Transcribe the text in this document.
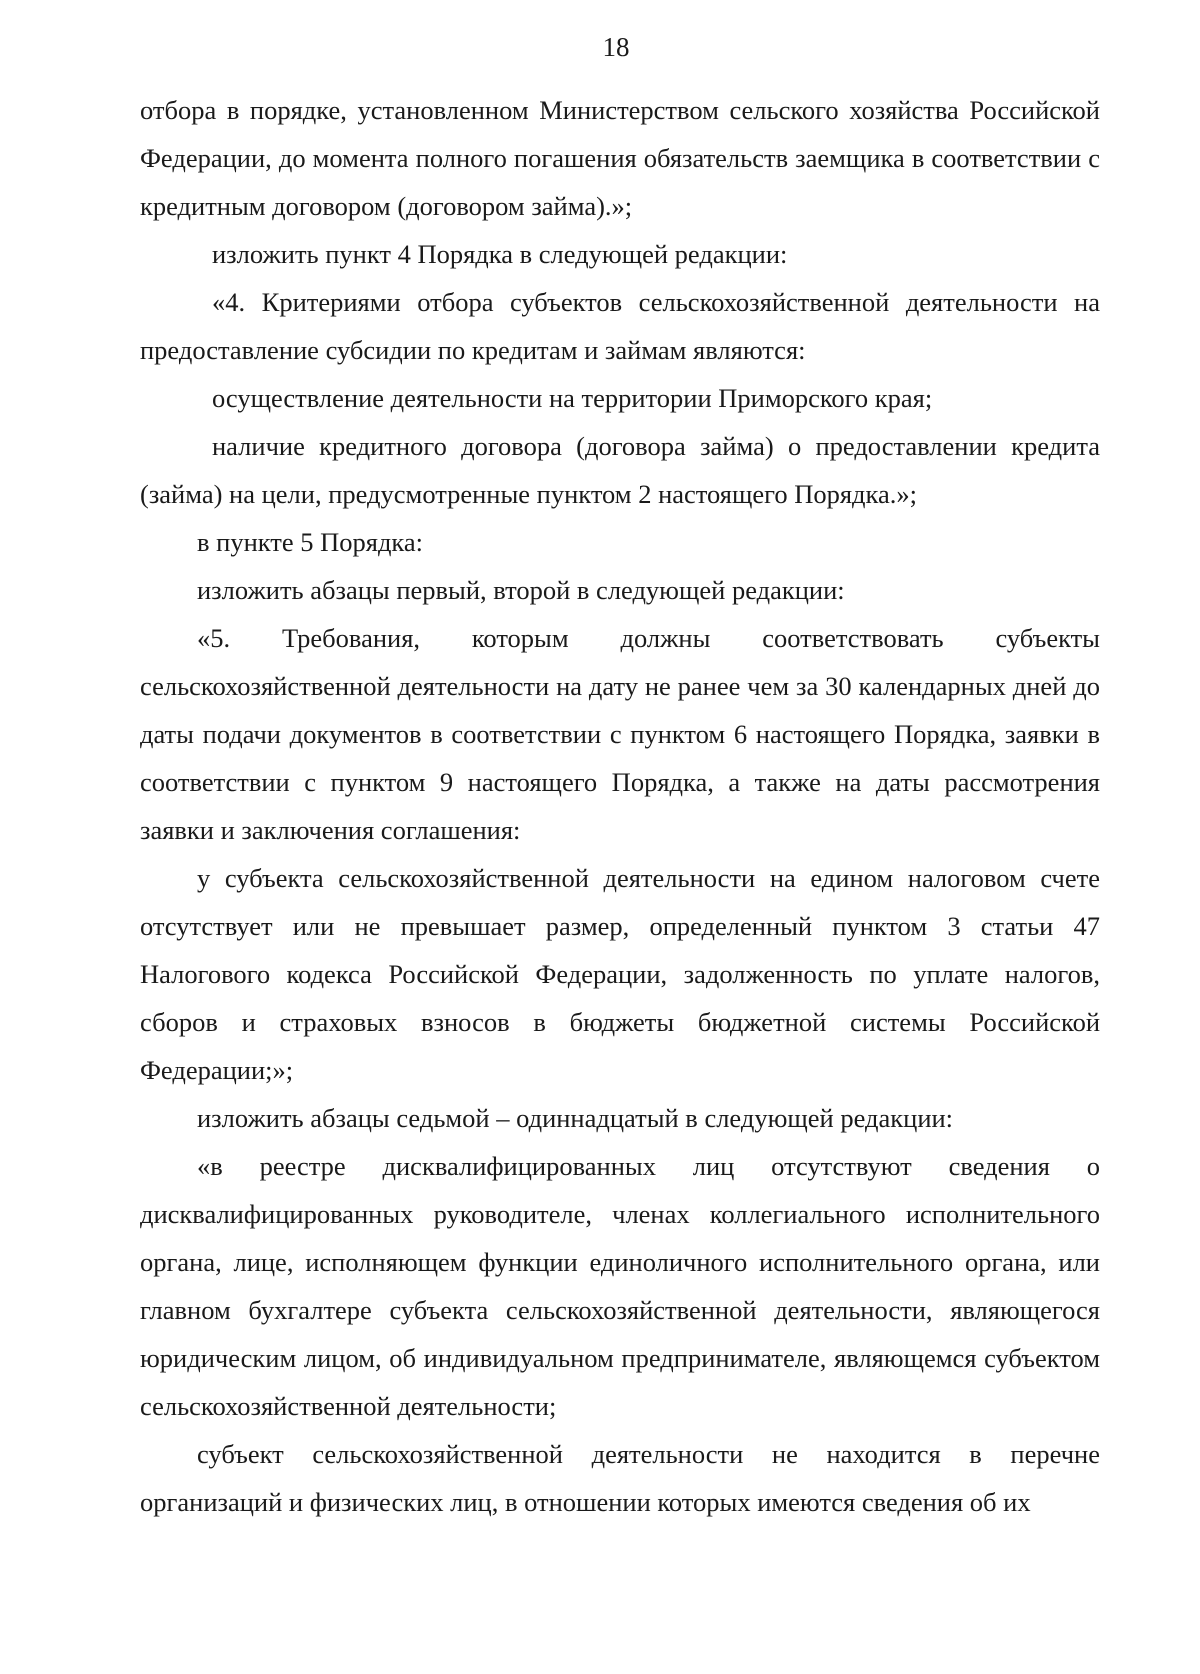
18

отбора в порядке, установленном Министерством сельского хозяйства Российской Федерации, до момента полного погашения обязательств заемщика в соответствии с кредитным договором (договором займа).»;

изложить пункт 4 Порядка в следующей редакции:

«4. Критериями отбора субъектов сельскохозяйственной деятельности на предоставление субсидии по кредитам и займам являются:

осуществление деятельности на территории Приморского края;

наличие кредитного договора (договора займа) о предоставлении кредита (займа) на цели, предусмотренные пунктом 2 настоящего Порядка.»;

в пункте 5 Порядка:

изложить абзацы первый, второй в следующей редакции:

«5. Требования, которым должны соответствовать субъекты сельскохозяйственной деятельности на дату не ранее чем за 30 календарных дней до даты подачи документов в соответствии с пунктом 6 настоящего Порядка, заявки в соответствии с пунктом 9 настоящего Порядка, а также на даты рассмотрения заявки и заключения соглашения:

у субъекта сельскохозяйственной деятельности на едином налоговом счете отсутствует или не превышает размер, определенный пунктом 3 статьи 47 Налогового кодекса Российской Федерации, задолженность по уплате налогов, сборов и страховых взносов в бюджеты бюджетной системы Российской Федерации;»;

изложить абзацы седьмой – одиннадцатый в следующей редакции:

«в реестре дисквалифицированных лиц отсутствуют сведения о дисквалифицированных руководителе, членах коллегиального исполнительного органа, лице, исполняющем функции единоличного исполнительного органа, или главном бухгалтере субъекта сельскохозяйственной деятельности, являющегося юридическим лицом, об индивидуальном предпринимателе, являющемся субъектом сельскохозяйственной деятельности;

субъект сельскохозяйственной деятельности не находится в перечне организаций и физических лиц, в отношении которых имеются сведения об их
